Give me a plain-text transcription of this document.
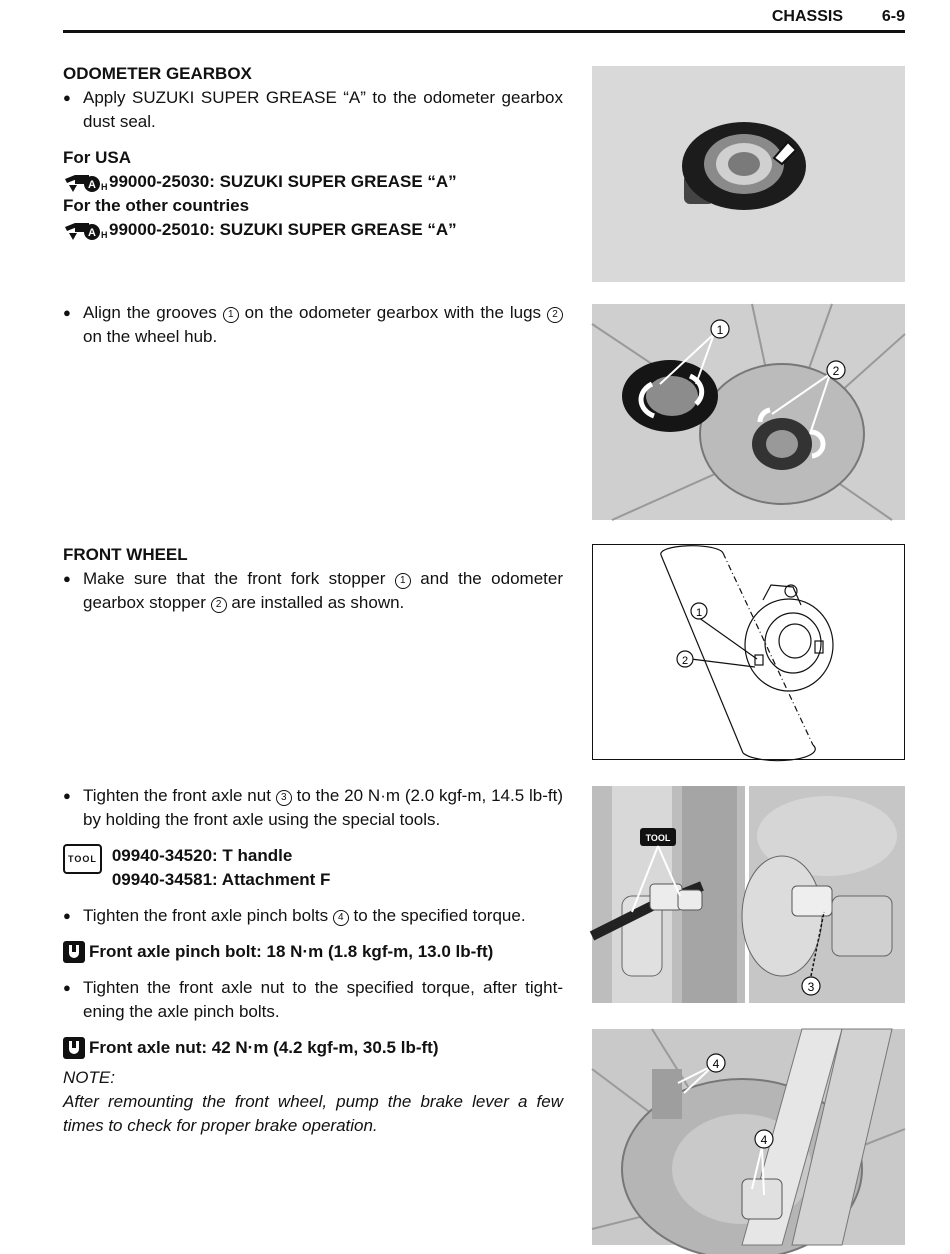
CHASSIS 6-9
ODOMETER GEARBOX
● Apply SUZUKI SUPER GREASE “A” to the odometer gearbox dust seal.
For USA
A H 99000-25030: SUZUKI SUPER GREASE “A”
For the other countries
A H 99000-25010: SUZUKI SUPER GREASE “A”
● Align the grooves 1 on the odometer gearbox with the lugs 2 on the wheel hub.
FRONT WHEEL
● Make sure that the front fork stopper 1 and the odometer gearbox stopper 2 are installed as shown.
● Tighten the front axle nut 3 to the 20 N·m (2.0 kgf-m, 14.5 lb-ft) by holding the front axle using the special tools.
TOOL 09940-34520: T handle
09940-34581: Attachment F
● Tighten the front axle pinch bolts 4 to the specified torque.
Front axle pinch bolt: 18 N·m (1.8 kgf-m, 13.0 lb-ft)
● Tighten the front axle nut to the specified torque, after tightening the axle pinch bolts.
Front axle nut: 42 N·m (4.2 kgf-m, 30.5 lb-ft)
NOTE:
After remounting the front wheel, pump the brake lever a few times to check for proper brake operation.
1
2
1
2
TOOL
3
4
4
